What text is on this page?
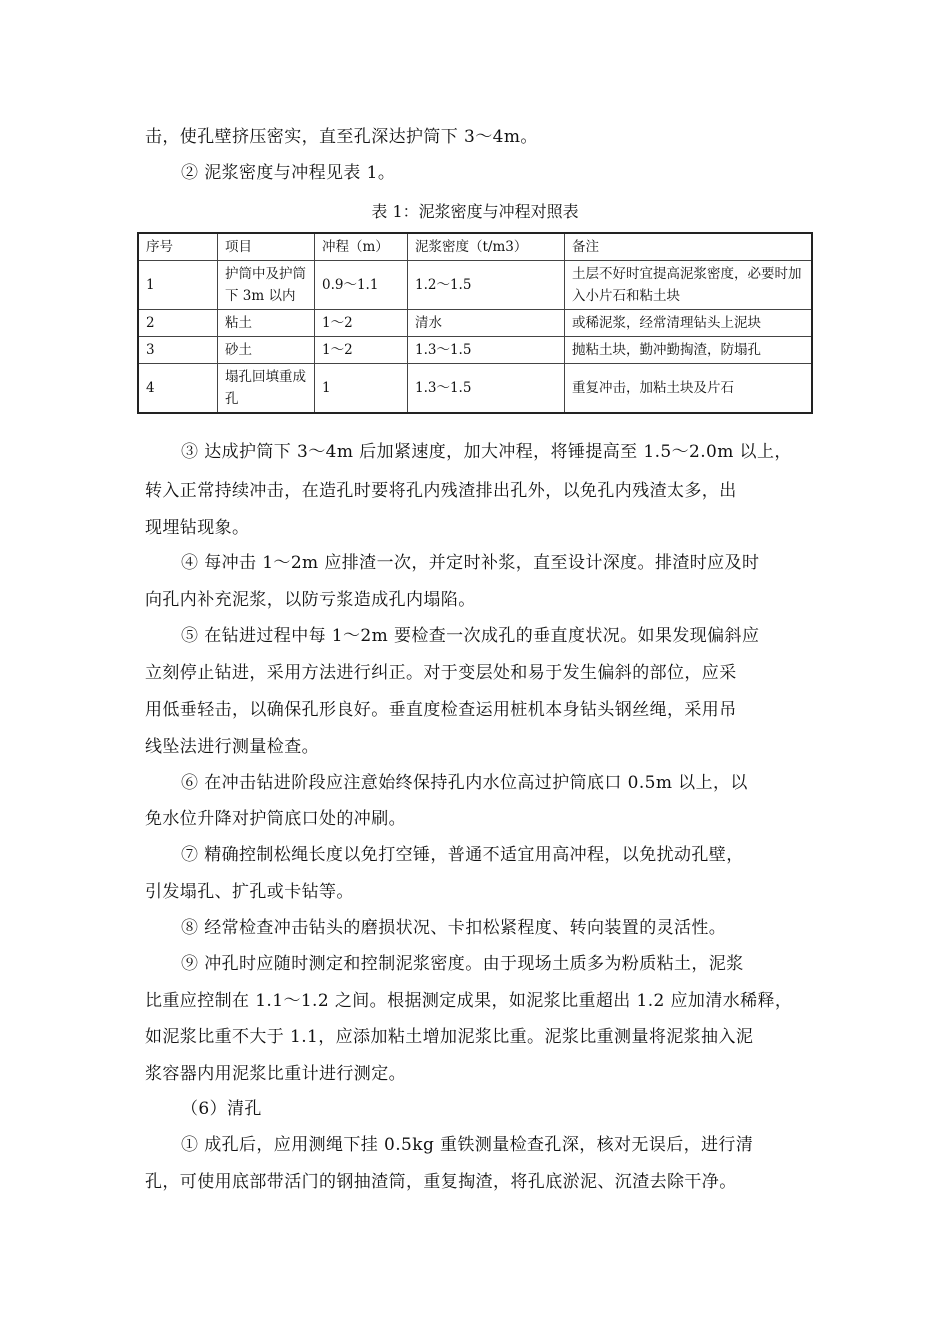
击，使孔壁挤压密实，直至孔深达护筒下 3～4m。
② 泥浆密度与冲程见表 1。
表 1：泥浆密度与冲程对照表
序号	项目	冲程（m）	泥浆密度（t/m3）	备注
1	护筒中及护筒下 3m 以内	0.9～1.1	1.2～1.5	土层不好时宜提高泥浆密度，必要时加入小片石和粘土块
2	粘土	1～2	清水	或稀泥浆，经常清理钻头上泥块
3	砂土	1～2	1.3～1.5	抛粘土块，勤冲勤掏渣，防塌孔
4	塌孔回填重成孔	1	1.3～1.5	重复冲击，加粘土块及片石
③ 达成护筒下 3～4m 后加紧速度，加大冲程，将锤提高至 1.5～2.0m 以上，
转入正常持续冲击，在造孔时要将孔内残渣排出孔外，以免孔内残渣太多，出
现埋钻现象。
④ 每冲击 1～2m 应排渣一次，并定时补浆，直至设计深度。排渣时应及时
向孔内补充泥浆，以防亏浆造成孔内塌陷。
⑤ 在钻进过程中每 1～2m 要检查一次成孔的垂直度状况。如果发现偏斜应
立刻停止钻进，采用方法进行纠正。对于变层处和易于发生偏斜的部位，应采
用低垂轻击，以确保孔形良好。垂直度检查运用桩机本身钻头钢丝绳，采用吊
线坠法进行测量检查。
⑥ 在冲击钻进阶段应注意始终保持孔内水位高过护筒底口 0.5m 以上，以
免水位升降对护筒底口处的冲刷。
⑦ 精确控制松绳长度以免打空锤，普通不适宜用高冲程，以免扰动孔壁，
引发塌孔、扩孔或卡钻等。
⑧ 经常检查冲击钻头的磨损状况、卡扣松紧程度、转向装置的灵活性。
⑨ 冲孔时应随时测定和控制泥浆密度。由于现场土质多为粉质粘土，泥浆
比重应控制在 1.1～1.2 之间。根据测定成果，如泥浆比重超出 1.2 应加清水稀释，
如泥浆比重不大于 1.1，应添加粘土增加泥浆比重。泥浆比重测量将泥浆抽入泥
浆容器内用泥浆比重计进行测定。
（6）清孔
① 成孔后，应用测绳下挂 0.5kg 重铁测量检查孔深，核对无误后，进行清
孔，可使用底部带活门的钢抽渣筒，重复掏渣，将孔底淤泥、沉渣去除干净。
